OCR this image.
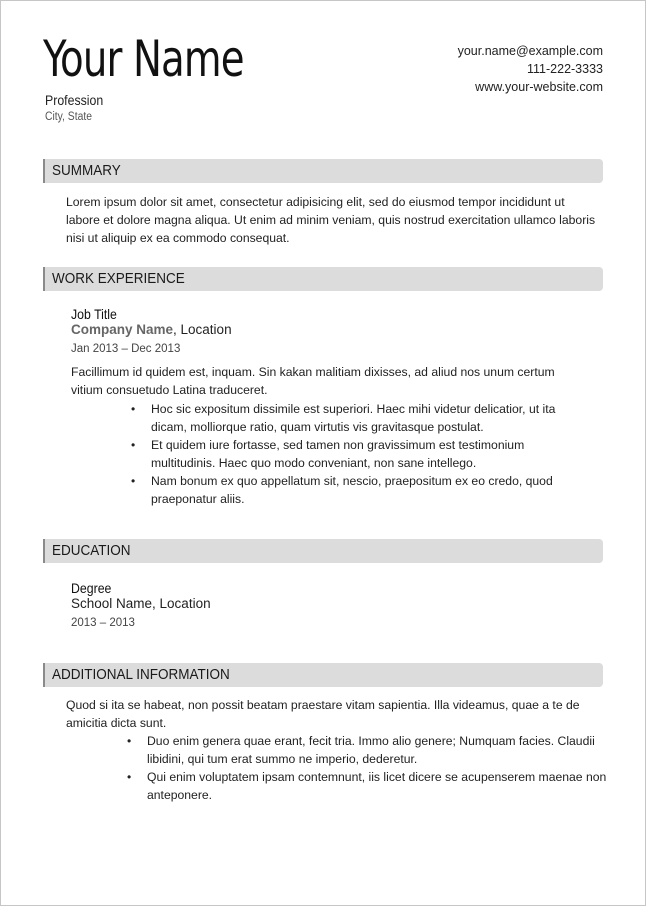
Your Name
Profession
City, State
your.name@example.com
111-222-3333
www.your-website.com
SUMMARY

Lorem ipsum dolor sit amet, consectetur adipisicing elit, sed do eiusmod tempor incididunt ut labore et dolore magna aliqua. Ut enim ad minim veniam, quis nostrud exercitation ullamco laboris nisi ut aliquip ex ea commodo consequat.

WORK EXPERIENCE
Job Title
Company Name, Location
Jan 2013 – Dec 2013

Facillimum id quidem est, inquam. Sin kakan malitiam dixisses, ad aliud nos unum certum vitium consuetudo Latina traduceret.

• Hoc sic expositum dissimile est superiori. Haec mihi videtur delicatior, ut ita dicam, molliorque ratio, quam virtutis vis gravitasque postulat.
• Et quidem iure fortasse, sed tamen non gravissimum est testimonium multitudinis. Haec quo modo conveniant, non sane intellego.
• Nam bonum ex quo appellatum sit, nescio, praepositum ex eo credo, quod praeponatur aliis.
EDUCATION
Degree
School Name, Location
2013 – 2013
ADDITIONAL INFORMATION

Quod si ita se habeat, non possit beatam praestare vitam sapientia. Illa videamus, quae a te de amicitia dicta sunt.

• Duo enim genera quae erant, fecit tria. Immo alio genere; Numquam facies. Claudii libidini, qui tum erat summo ne imperio, dederetur.
• Qui enim voluptatem ipsam contemnunt, iis licet dicere se acupenserem maenae non anteponere.
